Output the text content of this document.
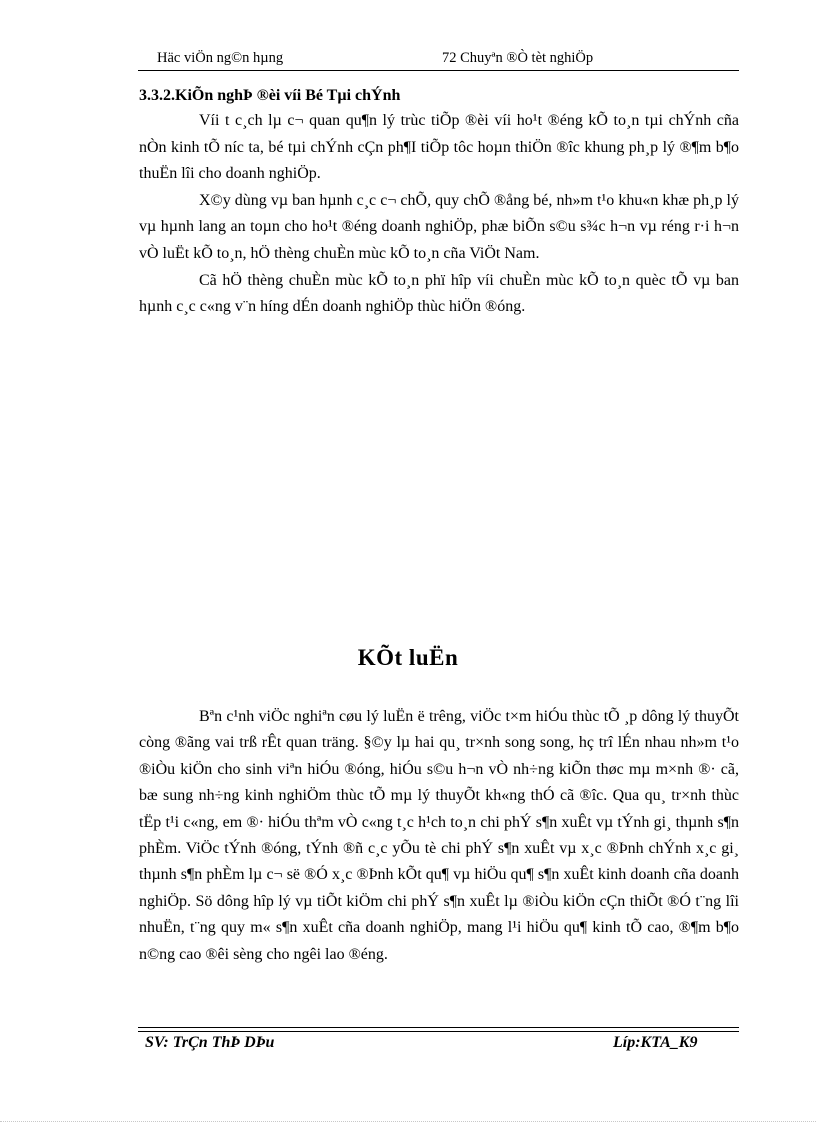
Häc viÖn ng©n hµng	72 Chuyªn ®Ò tèt nghiÖp
3.3.2.KiÕn nghÞ ®èi víi Bé Tµi chÝnh

Víi t c¸ch lµ c¬ quan qu¶n lý trùc tiÕp ®èi víi ho¹t ®éng kÕ to¸n tµi chÝnh cña nÒn kinh tÕ níc ta, bé tµi chÝnh cÇn ph¶I tiÕp tôc hoµn thiÖn ®îc khung ph¸p lý ®¶m b¶o thuËn lîi cho doanh nghiÖp.

X©y dùng vµ ban hµnh c¸c c¬ chÕ, quy chÕ ®ång bé, nh»m t¹o khu«n khæ ph¸p lý vµ hµnh lang an toµn cho ho¹t ®éng doanh nghiÖp, phæ biÕn s©u s¾c h¬n vµ réng r·i h¬n vÒ luËt kÕ to¸n, hÖ thèng chuÈn mùc kÕ to¸n cña ViÖt Nam.

Cã hÖ thèng chuÈn mùc kÕ to¸n phï hîp víi chuÈn mùc kÕ to¸n quèc tÕ vµ ban hµnh c¸c c«ng v¨n híng dÉn doanh nghiÖp thùc hiÖn ®óng.

KÕt luËn

Bªn c¹nh viÖc nghiªn cøu lý luËn ë trêng, viÖc t×m hiÓu thùc tÕ ¸p dông lý thuyÕt còng ®ãng vai trß rÊt quan träng. §©y lµ hai qu¸ tr×nh song song, hç trî lÉn nhau nh»m t¹o ®iÒu kiÖn cho sinh viªn hiÓu ®óng, hiÓu s©u h¬n vÒ nh÷ng kiÕn thøc mµ m×nh ®· cã, bæ sung nh÷ng kinh nghiÖm thùc tÕ mµ lý thuyÕt kh«ng thÓ cã ®îc. Qua qu¸ tr×nh thùc tËp t¹i c«ng, em ®· hiÓu thªm vÒ c«ng t¸c h¹ch to¸n chi phÝ s¶n xuÊt vµ tÝnh gi¸ thµnh s¶n phÈm. ViÖc tÝnh ®óng, tÝnh ®ñ c¸c yÕu tè chi phÝ s¶n xuÊt vµ x¸c ®Þnh chÝnh x¸c gi¸ thµnh s¶n phÈm lµ c¬ së ®Ó x¸c ®Þnh kÕt qu¶ vµ hiÖu qu¶ s¶n xuÊt kinh doanh cña doanh nghiÖp. Sö dông hîp lý vµ tiÕt kiÖm chi phÝ s¶n xuÊt lµ ®iÒu kiÖn cÇn thiÕt ®Ó t¨ng lîi nhuËn, t¨ng quy m« s¶n xuÊt cña doanh nghiÖp, mang l¹i hiÖu qu¶ kinh tÕ cao, ®¶m b¶o n©ng cao ®êi sèng cho ngêi lao ®éng.

SV: TrÇn ThÞ DÞu	Líp:KTA_K9
